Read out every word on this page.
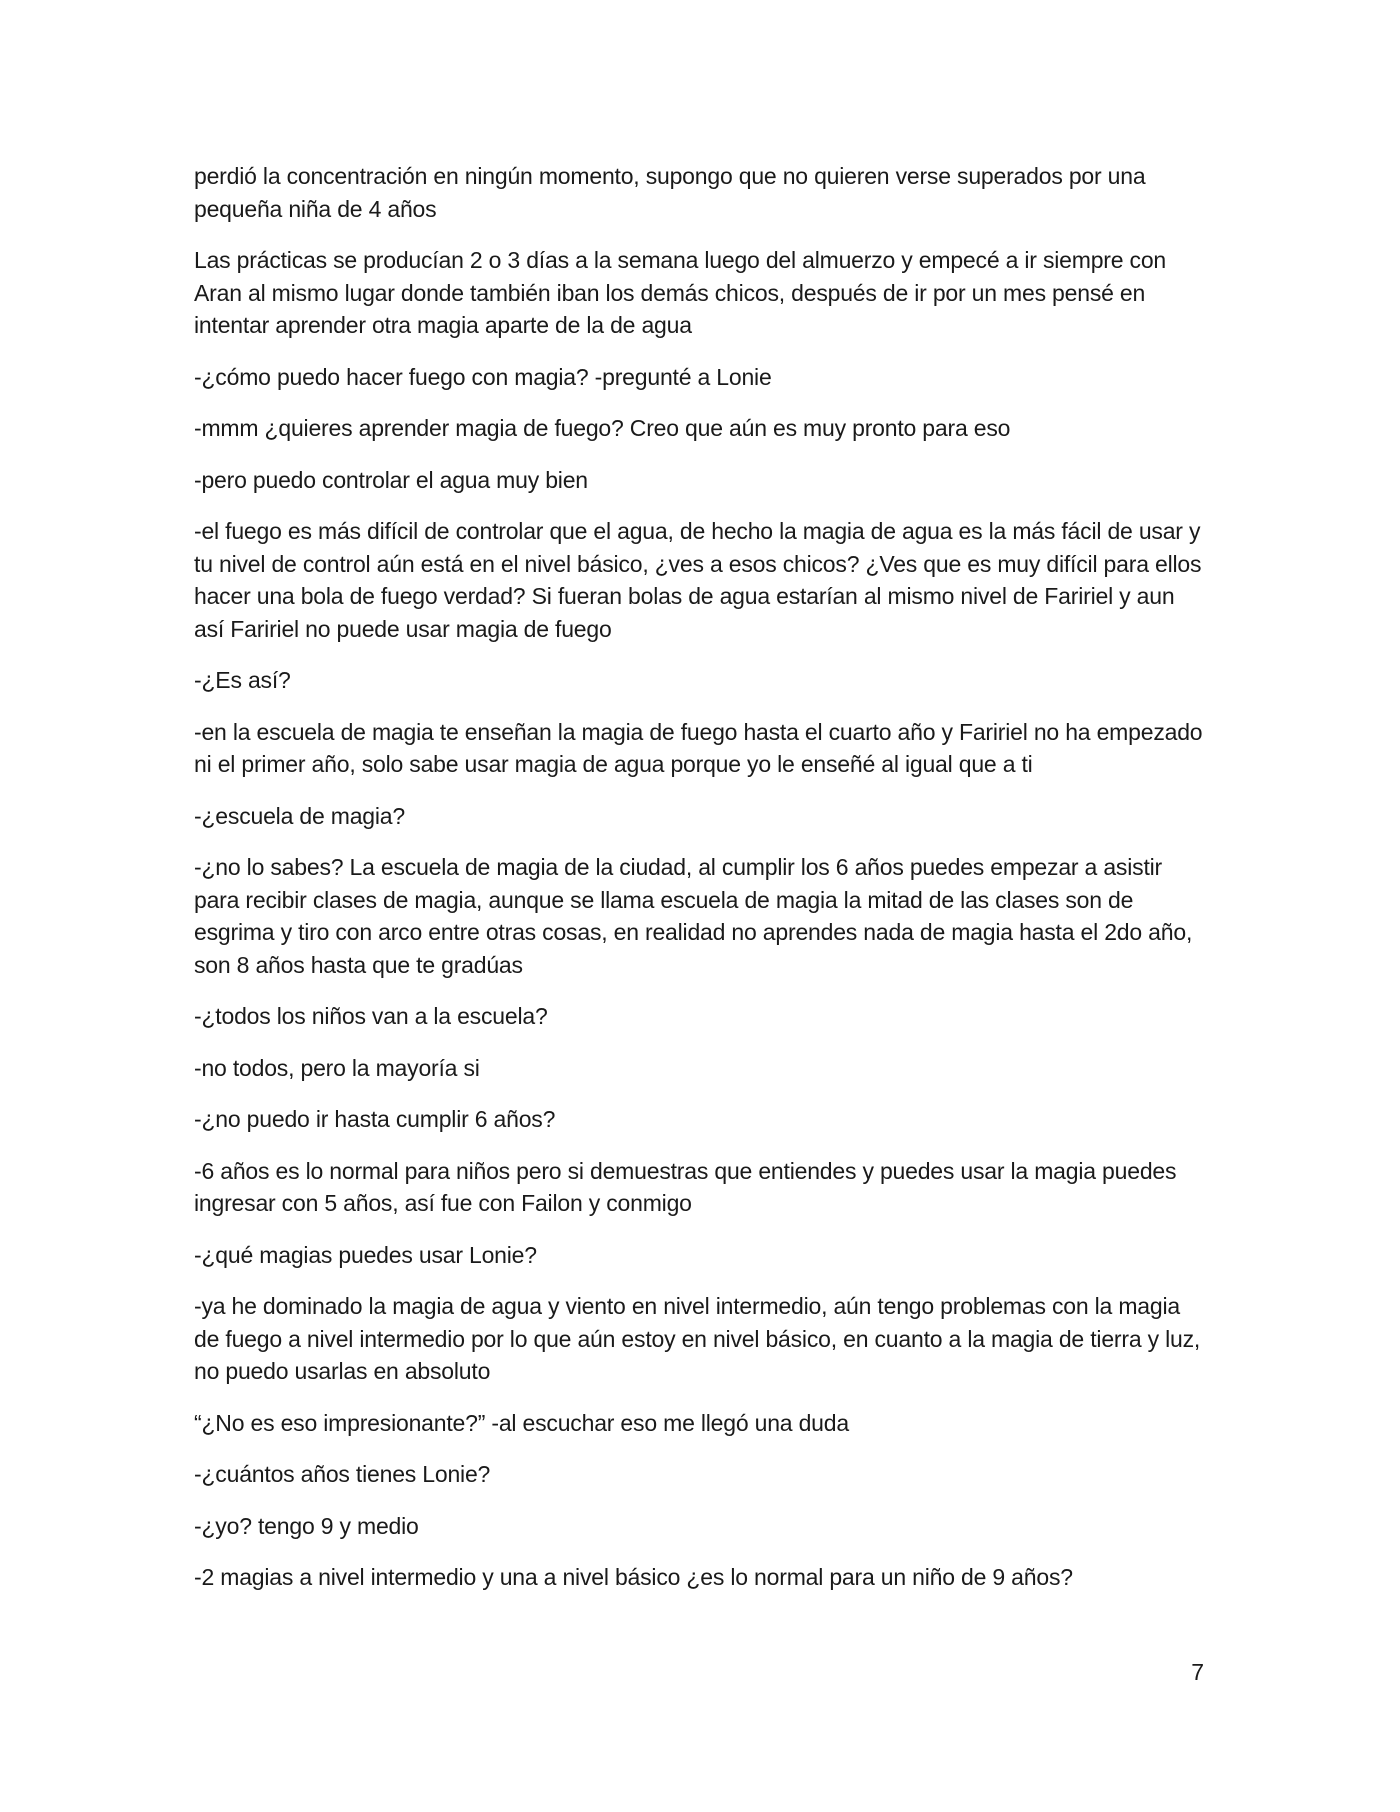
perdió la concentración en ningún momento, supongo que no quieren verse superados por una pequeña niña de 4 años

Las prácticas se producían 2 o 3 días a la semana luego del almuerzo y empecé a ir siempre con Aran al mismo lugar donde también iban los demás chicos, después de ir por un mes pensé en intentar aprender otra magia aparte de la de agua

-¿cómo puedo hacer fuego con magia? -pregunté a Lonie

-mmm ¿quieres aprender magia de fuego? Creo que aún es muy pronto para eso

-pero puedo controlar el agua muy bien

-el fuego es más difícil de controlar que el agua, de hecho la magia de agua es la más fácil de usar y tu nivel de control aún está en el nivel básico, ¿ves a esos chicos? ¿Ves que es muy difícil para ellos hacer una bola de fuego verdad? Si fueran bolas de agua estarían al mismo nivel de Faririel y aun así Faririel no puede usar magia de fuego

-¿Es así?

-en la escuela de magia te enseñan la magia de fuego hasta el cuarto año y Faririel no ha empezado ni el primer año, solo sabe usar magia de agua porque yo le enseñé al igual que a ti

-¿escuela de magia?

-¿no lo sabes? La escuela de magia de la ciudad, al cumplir los 6 años puedes empezar a asistir para recibir clases de magia, aunque se llama escuela de magia la mitad de las clases son de esgrima y tiro con arco entre otras cosas, en realidad no aprendes nada de magia hasta el 2do año, son 8 años hasta que te gradúas

-¿todos los niños van a la escuela?

-no todos, pero la mayoría si

-¿no puedo ir hasta cumplir 6 años?

-6 años es lo normal para niños pero si demuestras que entiendes y puedes usar la magia puedes ingresar con 5 años, así fue con Failon y conmigo

-¿qué magias puedes usar Lonie?

-ya he dominado la magia de agua y viento en nivel intermedio, aún tengo problemas con la magia de fuego a nivel intermedio por lo que aún estoy en nivel básico, en cuanto a la magia de tierra y luz, no puedo usarlas en absoluto

“¿No es eso impresionante?” -al escuchar eso me llegó una duda

-¿cuántos años tienes Lonie?

-¿yo? tengo 9 y medio

-2 magias a nivel intermedio y una a nivel básico ¿es lo normal para un niño de 9 años?

7
